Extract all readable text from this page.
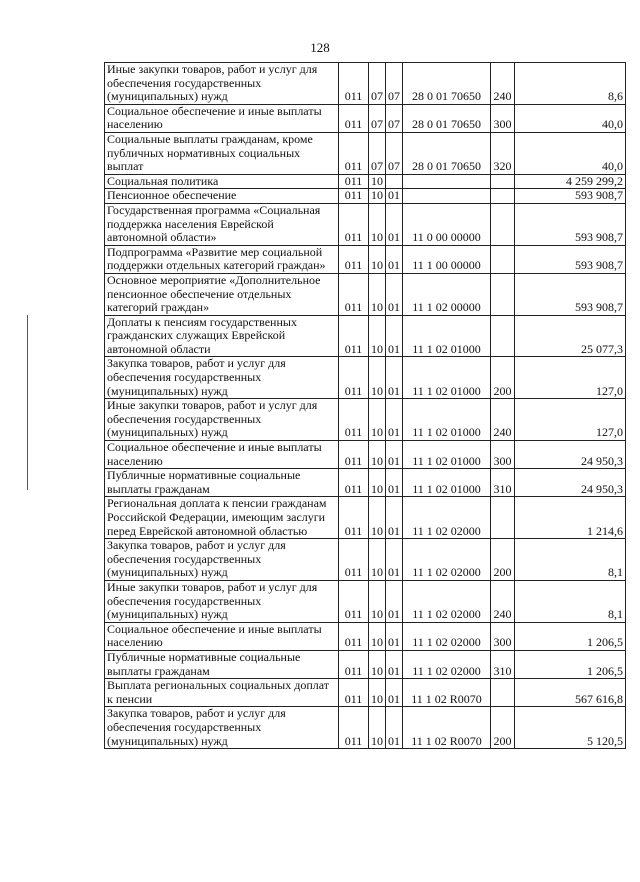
128
Иные закупки товаров, работ и услуг для обеспечения государственных (муниципальных) нужд	011	07	07	28 0 01 70650	240	8,6
Социальное обеспечение и иные выплаты населению	011	07	07	28 0 01 70650	300	40,0
Социальные выплаты гражданам, кроме публичных нормативных социальных выплат	011	07	07	28 0 01 70650	320	40,0
Социальная политика	011	10				4 259 299,2
Пенсионное обеспечение	011	10	01			593 908,7
Государственная программа «Социальная поддержка населения Еврейской автономной области»	011	10	01	11 0 00 00000		593 908,7
Подпрограмма «Развитие мер социальной поддержки отдельных категорий граждан»	011	10	01	11 1 00 00000		593 908,7
Основное мероприятие «Дополнительное пенсионное обеспечение отдельных категорий граждан»	011	10	01	11 1 02 00000		593 908,7
Доплаты к пенсиям государственных гражданских служащих Еврейской автономной области	011	10	01	11 1 02 01000		25 077,3
Закупка товаров, работ и услуг для обеспечения государственных (муниципальных) нужд	011	10	01	11 1 02 01000	200	127,0
Иные закупки товаров, работ и услуг для обеспечения государственных (муниципальных) нужд	011	10	01	11 1 02 01000	240	127,0
Социальное обеспечение и иные выплаты населению	011	10	01	11 1 02 01000	300	24 950,3
Публичные нормативные социальные выплаты гражданам	011	10	01	11 1 02 01000	310	24 950,3
Региональная доплата к пенсии гражданам Российской Федерации, имеющим заслуги перед Еврейской автономной областью	011	10	01	11 1 02 02000		1 214,6
Закупка товаров, работ и услуг для обеспечения государственных (муниципальных) нужд	011	10	01	11 1 02 02000	200	8,1
Иные закупки товаров, работ и услуг для обеспечения государственных (муниципальных) нужд	011	10	01	11 1 02 02000	240	8,1
Социальное обеспечение и иные выплаты населению	011	10	01	11 1 02 02000	300	1 206,5
Публичные нормативные социальные выплаты гражданам	011	10	01	11 1 02 02000	310	1 206,5
Выплата региональных социальных доплат к пенсии	011	10	01	11 1 02 R0070		567 616,8
Закупка товаров, работ и услуг для обеспечения государственных (муниципальных) нужд	011	10	01	11 1 02 R0070	200	5 120,5
